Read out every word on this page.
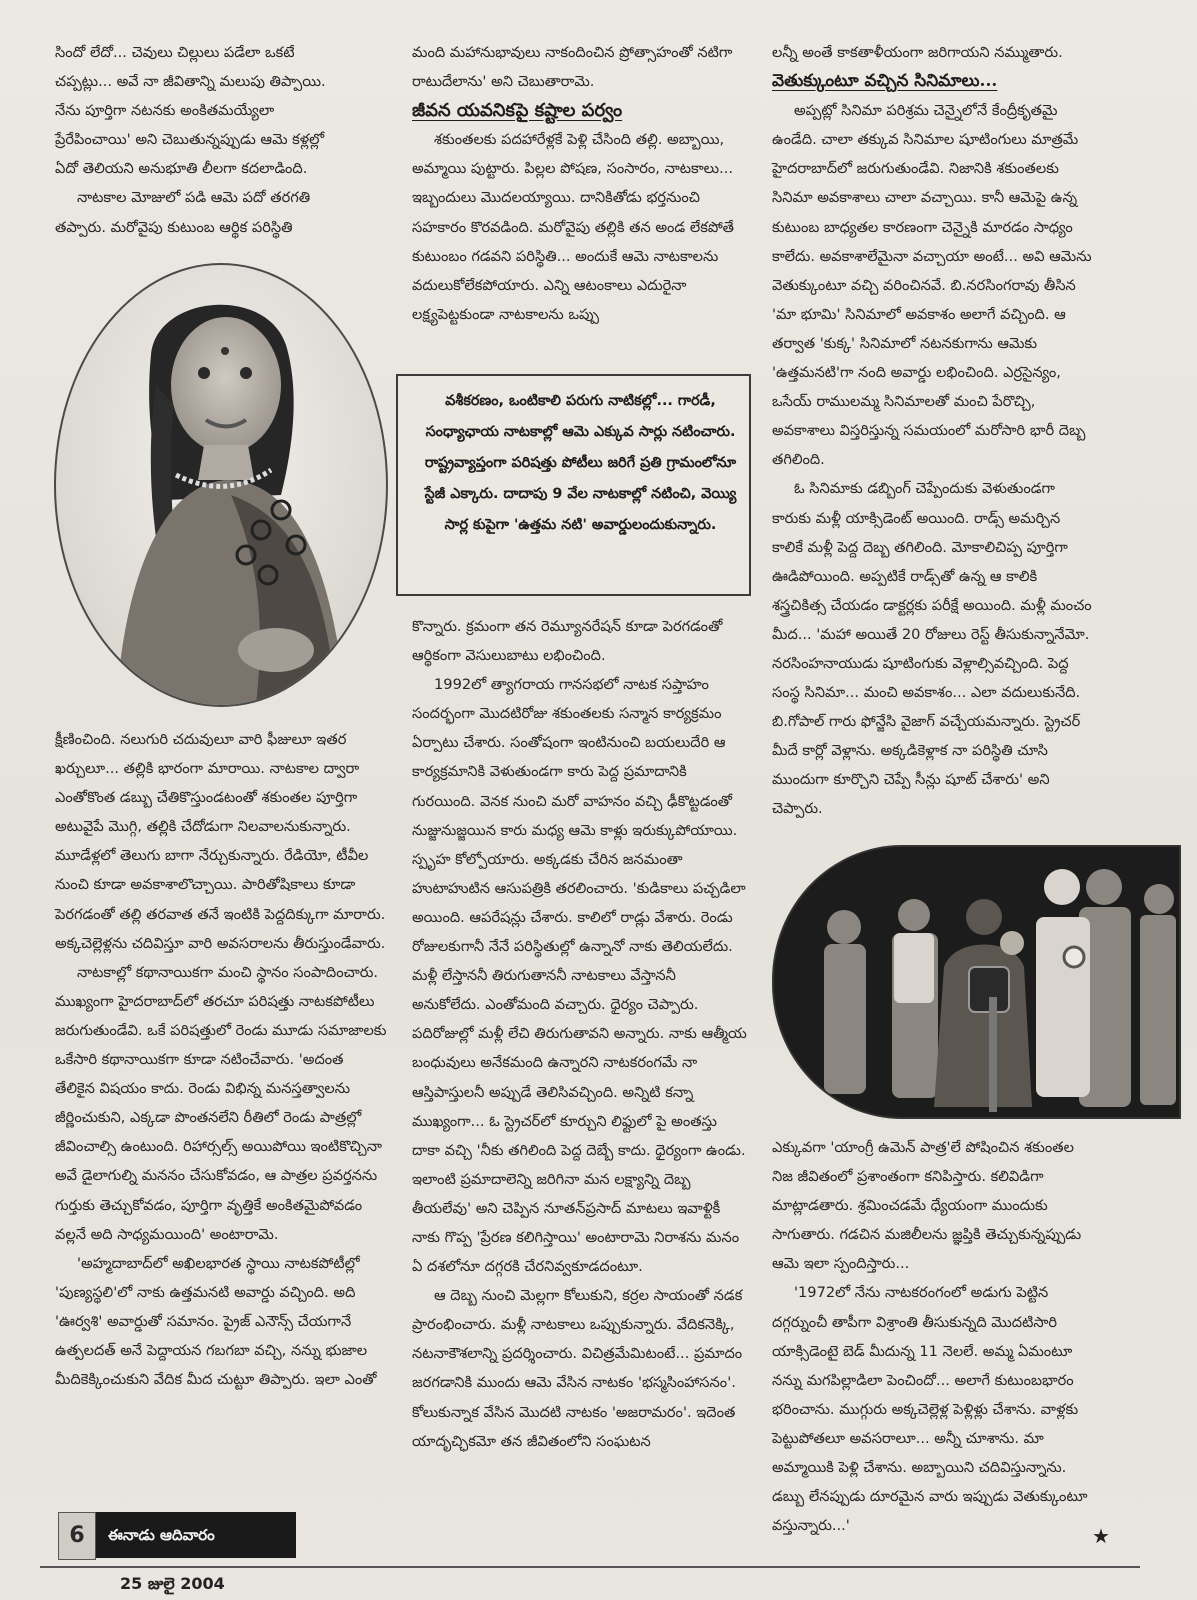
సిందో లేదో... చెవులు చిల్లులు పడేలా ఒకటే చప్పట్లు... అవే నా జీవితాన్ని మలుపు తిప్పాయి. నేను పూర్తిగా నటనకు అంకితమయ్యేలా ప్రేరేపించాయి' అని చెబుతున్నప్పుడు ఆమె కళ్లల్లో ఏదో తెలియని అనుభూతి లీలగా కదలాడింది.

నాటకాల మోజులో పడి ఆమె పదో తరగతి తప్పారు. మరోవైపు కుటుంబ ఆర్థిక పరిస్థితి

క్షీణించింది. నలుగురి చదువులూ వారి ఫీజులూ ఇతర ఖర్చులూ... తల్లికి భారంగా మారాయి. నాటకాల ద్వారా ఎంతోకొంత డబ్బు చేతికొస్తుండటంతో శకుంతల పూర్తిగా అటువైపే మొగ్గి, తల్లికి చేదోడుగా నిలవాలనుకున్నారు. మూడేళ్లలో తెలుగు బాగా నేర్చుకున్నారు. రేడియో, టీవీల నుంచి కూడా అవకాశాలొచ్చాయి. పారితోషికాలు కూడా పెరగడంతో తల్లి తరవాత తనే ఇంటికి పెద్దదిక్కుగా మారారు. అక్కచెల్లెళ్లను చదివిస్తూ వారి అవసరాలను తీరుస్తుండేవారు.

నాటకాల్లో కథానాయికగా మంచి స్థానం సంపాదించారు. ముఖ్యంగా హైదరాబాద్‌లో తరచూ పరిషత్తు నాటకపోటీలు జరుగుతుండేవి. ఒకే పరిషత్తులో రెండు మూడు సమాజాలకు ఒకేసారి కథానాయికగా కూడా నటించేవారు. 'అదంత తేలికైన విషయం కాదు. రెండు విభిన్న మనస్తత్వాలను జీర్ణించుకుని, ఎక్కడా పొంతనలేని రీతిలో రెండు పాత్రల్లో జీవించాల్సి ఉంటుంది. రిహార్సల్స్ అయిపోయి ఇంటికొచ్చినా అవే డైలాగుల్ని మననం చేసుకోవడం, ఆ పాత్రల ప్రవర్తనను గుర్తుకు తెచ్చుకోవడం, పూర్తిగా వృత్తికే అంకితమైపోవడం వల్లనే అది సాధ్యమయింది' అంటారామె.

'అహ్మదాబాద్‌లో అఖిలభారత స్థాయి నాటకపోటీల్లో 'పుణ్యస్థలి'లో నాకు ఉత్తమనటి అవార్డు వచ్చింది. అది 'ఊర్వశి' అవార్డుతో సమానం. ప్రైజ్ ఎనౌన్స్ చేయగానే ఉత్పలదత్ అనే పెద్దాయన గబగబా వచ్చి, నన్ను భుజాల మీదికెక్కించుకుని వేదిక మీద చుట్టూ తిప్పారు. ఇలా ఎంతో

మంది మహానుభావులు నాకందించిన ప్రోత్సాహంతో నటిగా రాటుదేలాను' అని చెబుతారామె.

జీవన యవనికపై కష్టాల పర్వం

శకుంతలకు పదహారేళ్లకే పెళ్లి చేసింది తల్లి. అబ్బాయి, అమ్మాయి పుట్టారు. పిల్లల పోషణ, సంసారం, నాటకాలు... ఇబ్బందులు మొదలయ్యాయి. దానికితోడు భర్తనుంచి సహకారం కొరవడింది. మరోవైపు తల్లికి తన అండ లేకపోతే కుటుంబం గడవని పరిస్థితి... అందుకే ఆమె నాటకాలను వదులుకోలేకపోయారు. ఎన్ని ఆటంకాలు ఎదురైనా లక్ష్యపెట్టకుండా నాటకాలను ఒప్పు

వశీకరణం, ఒంటికాలి పరుగు నాటికల్లో... గారడీ, సంధ్యాఛాయ నాటకాల్లో ఆమె ఎక్కువ సార్లు నటించారు. రాష్ట్రవ్యాప్తంగా పరిషత్తు పోటీలు జరిగే ప్రతి గ్రామంలోనూ స్టేజీ ఎక్కారు. దాదాపు 9 వేల నాటకాల్లో నటించి, వెయ్యి సార్ల కుపైగా 'ఉత్తమ నటి' అవార్డులందుకున్నారు.

కొన్నారు. క్రమంగా తన రెమ్యూనరేషన్ కూడా పెరగడంతో ఆర్థికంగా వెసులుబాటు లభించింది.

1992లో త్యాగరాయ గానసభలో నాటక సప్తాహం సందర్భంగా మొదటిరోజు శకుంతలకు సన్మాన కార్యక్రమం ఏర్పాటు చేశారు. సంతోషంగా ఇంటినుంచి బయలుదేరి ఆ కార్యక్రమానికి వెళుతుండగా కారు పెద్ద ప్రమాదానికి గురయింది. వెనక నుంచి మరో వాహనం వచ్చి ఢీకొట్టడంతో నుజ్జునుజ్జయిన కారు మధ్య ఆమె కాళ్లు ఇరుక్కుపోయాయి. స్పృహ కోల్పోయారు. అక్కడకు చేరిన జనమంతా హుటాహుటిన ఆసుపత్రికి తరలించారు. 'కుడికాలు పచ్చడిలా అయింది. ఆపరేషన్లు చేశారు. కాలిలో రాడ్లు వేశారు. రెండు రోజులకుగానీ నేనే పరిస్థితుల్లో ఉన్నానో నాకు తెలియలేదు. మళ్లీ లేస్తాననీ తిరుగుతాననీ నాటకాలు వేస్తాననీ అనుకోలేదు. ఎంతోమంది వచ్చారు. ధైర్యం చెప్పారు. పదిరోజుల్లో మళ్లీ లేచి తిరుగుతావని అన్నారు. నాకు ఆత్మీయ బంధువులు అనేకమంది ఉన్నారని నాటకరంగమే నా ఆస్తిపాస్తులనీ అప్పుడే తెలిసివచ్చింది. అన్నిటి కన్నా ముఖ్యంగా... ఓ స్ట్రెచర్‌లో కూర్చుని లిఫ్టులో పై అంతస్తు దాకా వచ్చి 'నీకు తగిలింది పెద్ద దెబ్బే కాదు. ధైర్యంగా ఉండు. ఇలాంటి ప్రమాదాలెన్ని జరిగినా మన లక్ష్యాన్ని దెబ్బ తీయలేవు' అని చెప్పిన నూతన్‌ప్రసాద్ మాటలు ఇవాళ్టికీ నాకు గొప్ప 'ప్రేరణ కలిగిస్తాయి' అంటారామె నిరాశను మనం ఏ దశలోనూ దగ్గరకి చేరనివ్వకూడదంటూ.

ఆ దెబ్బ నుంచి మెల్లగా కోలుకుని, కర్రల సాయంతో నడక ప్రారంభించారు. మళ్లీ నాటకాలు ఒప్పుకున్నారు. వేదికనెక్కి, నటనాకౌశలాన్ని ప్రదర్శించారు. విచిత్రమేమిటంటే... ప్రమాదం జరగడానికి ముందు ఆమె వేసిన నాటకం 'భస్మసింహాసనం'. కోలుకున్నాక వేసిన మొదటి నాటకం 'అజరామరం'. ఇదెంత యాదృచ్ఛికమో తన జీవితంలోని సంఘటన

లన్నీ అంతే కాకతాళీయంగా జరిగాయని నమ్ముతారు.

వెతుక్కుంటూ వచ్చిన సినిమాలు...

అప్పట్లో సినిమా పరిశ్రమ చెన్నైలోనే కేంద్రీకృతమై ఉండేది. చాలా తక్కువ సినిమాల షూటింగులు మాత్రమే హైదరాబాద్‌లో జరుగుతుండేవి. నిజానికి శకుంతలకు సినిమా అవకాశాలు చాలా వచ్చాయి. కానీ ఆమెపై ఉన్న కుటుంబ బాధ్యతల కారణంగా చెన్నైకి మారడం సాధ్యం కాలేదు. అవకాశాలేమైనా వచ్చాయా అంటే... అవి ఆమెను వెతుక్కుంటూ వచ్చి వరించినవే. బి.నరసింగరావు తీసిన 'మా భూమి' సినిమాలో అవకాశం అలాగే వచ్చింది. ఆ తర్వాత 'కుక్క' సినిమాలో నటనకుగాను ఆమెకు 'ఉత్తమనటి'గా నంది అవార్డు లభించింది. ఎర్రసైన్యం, ఒసేయ్ రాములమ్మ సినిమాలతో మంచి పేరొచ్చి, అవకాశాలు విస్తరిస్తున్న సమయంలో మరోసారి భారీ దెబ్బ తగిలింది.

ఓ సినిమాకు డబ్బింగ్ చెప్పేందుకు వెళుతుండగా కారుకు మళ్లీ యాక్సిడెంట్ అయింది. రాడ్స్ అమర్చిన కాలికే మళ్లీ పెద్ద దెబ్బ తగిలింది. మోకాలిచిప్ప పూర్తిగా ఊడిపోయింది. అప్పటికే రాడ్స్‌తో ఉన్న ఆ కాలికి శస్త్రచికిత్స చేయడం డాక్టర్లకు పరీక్షే అయింది. మళ్లీ మంచం మీద... 'మహా అయితే 20 రోజులు రెస్ట్ తీసుకున్నానేమో. నరసింహనాయుడు షూటింగుకు వెళ్లాల్సివచ్చింది. పెద్ద సంస్థ సినిమా... మంచి అవకాశం... ఎలా వదులుకునేది. బి.గోపాల్ గారు ఫోన్జేసి వైజాగ్ వచ్చేయమన్నారు. స్ట్రెచర్ మీదే కార్లో వెళ్లాను. అక్కడికెళ్లాక నా పరిస్థితి చూసి ముందుగా కూర్చొని చెప్పే సీన్లు షూట్ చేశారు' అని చెప్పారు.

ఎక్కువగా 'యాంగ్రీ ఉమెన్ పాత్ర'లే పోషించిన శకుంతల నిజ జీవితంలో ప్రశాంతంగా కనిపిస్తారు. కలివిడిగా మాట్లాడతారు. శ్రమించడమే ధ్యేయంగా ముందుకు సాగుతారు. గడచిన మజిలీలను జ్ఞప్తికి తెచ్చుకున్నప్పుడు ఆమె ఇలా స్పందిస్తారు...

'1972లో నేను నాటకరంగంలో అడుగు పెట్టిన దగ్గర్నుంచీ తాపీగా విశ్రాంతి తీసుకున్నది మొదటిసారి యాక్సిడెంటై బెడ్ మీదున్న 11 నెలలే. అమ్మ ఏమంటూ నన్ను మగపిల్లాడిలా పెంచిందో... అలాగే కుటుంబభారం భరించాను. ముగ్గురు అక్కచెల్లెళ్ల పెళ్లిళ్లు చేశాను. వాళ్లకు పెట్టుపోతలూ అవసరాలూ... అన్నీ చూశాను. మా అమ్మాయికి పెళ్లి చేశాను. అబ్బాయిని చదివిస్తున్నాను. డబ్బు లేనప్పుడు దూరమైన వారు ఇప్పుడు వెతుక్కుంటూ వస్తున్నారు...'

6	ఈనాడు ఆదివారం
25 జులై 2004
★
